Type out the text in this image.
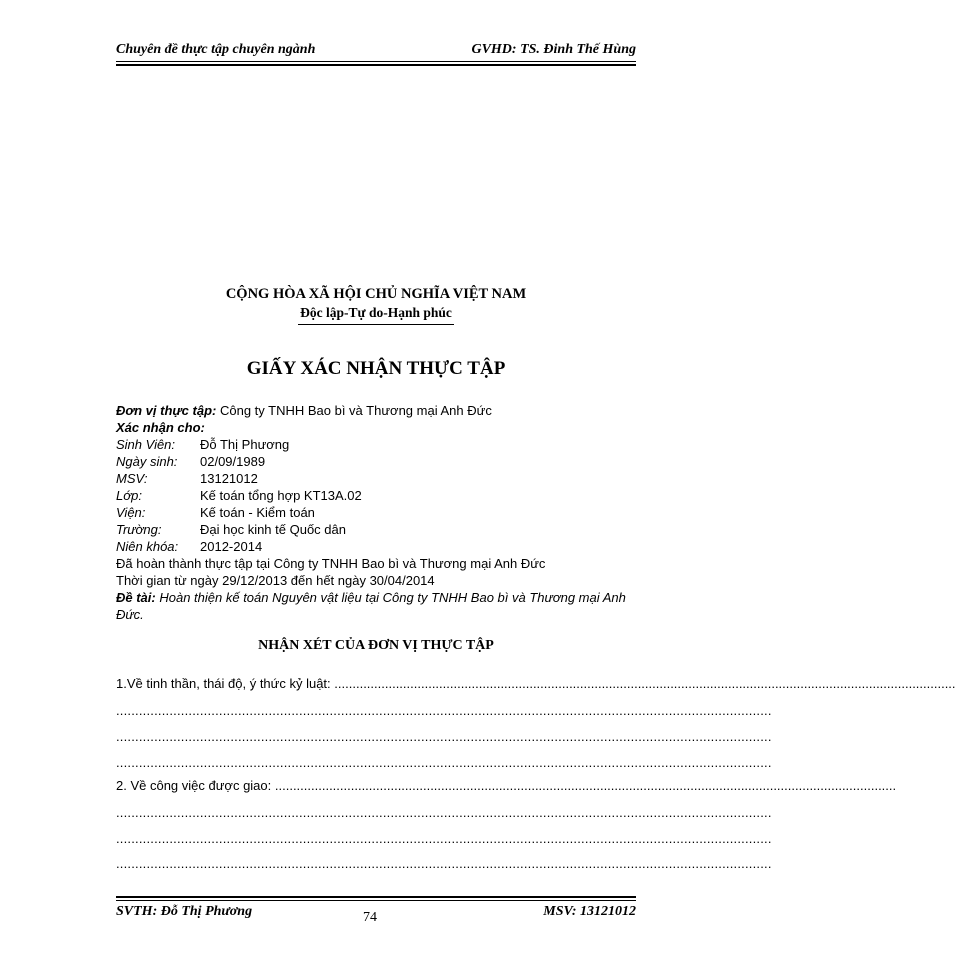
Chuyên đề thực tập chuyên ngành	GVHD: TS. Đinh Thế Hùng
CỘNG HÒA XÃ HỘI CHỦ NGHĨA VIỆT NAM
Độc lập-Tự do-Hạnh phúc
GIẤY XÁC NHẬN THỰC TẬP
Đơn vị thực tập: Công ty TNHH Bao bì và Thương mại Anh Đức
Xác nhận cho:
Sinh Viên: Đỗ Thị Phương
Ngày sinh: 02/09/1989
MSV:	13121012
Lớp:	Kế toán tổng hợp KT13A.02
Viện:	Kế toán - Kiểm toán
Trường:	Đại học kinh tế Quốc dân
Niên khóa: 2012-2014
Đã hoàn thành thực tập tại Công ty TNHH Bao bì và Thương mại Anh Đức
Thời gian từ ngày 29/12/2013 đến hết ngày 30/04/2014
Đề tài: Hoàn thiện kế toán Nguyên vật liệu tại Công ty TNHH Bao bì và Thương mại Anh Đức.
NHẬN XÉT CỦA ĐƠN VỊ THỰC TẬP
1.Về tinh thần, thái độ, ý thức kỷ luật: ............................................................................................................................................................................
............................................................................................................................................................................
............................................................................................................................................................................
............................................................................................................................................................................
2. Về công việc được giao: ............................................................................................................................................................................
............................................................................................................................................................................
............................................................................................................................................................................
............................................................................................................................................................................
SVTH: Đỗ Thị Phương	MSV: 13121012
74
